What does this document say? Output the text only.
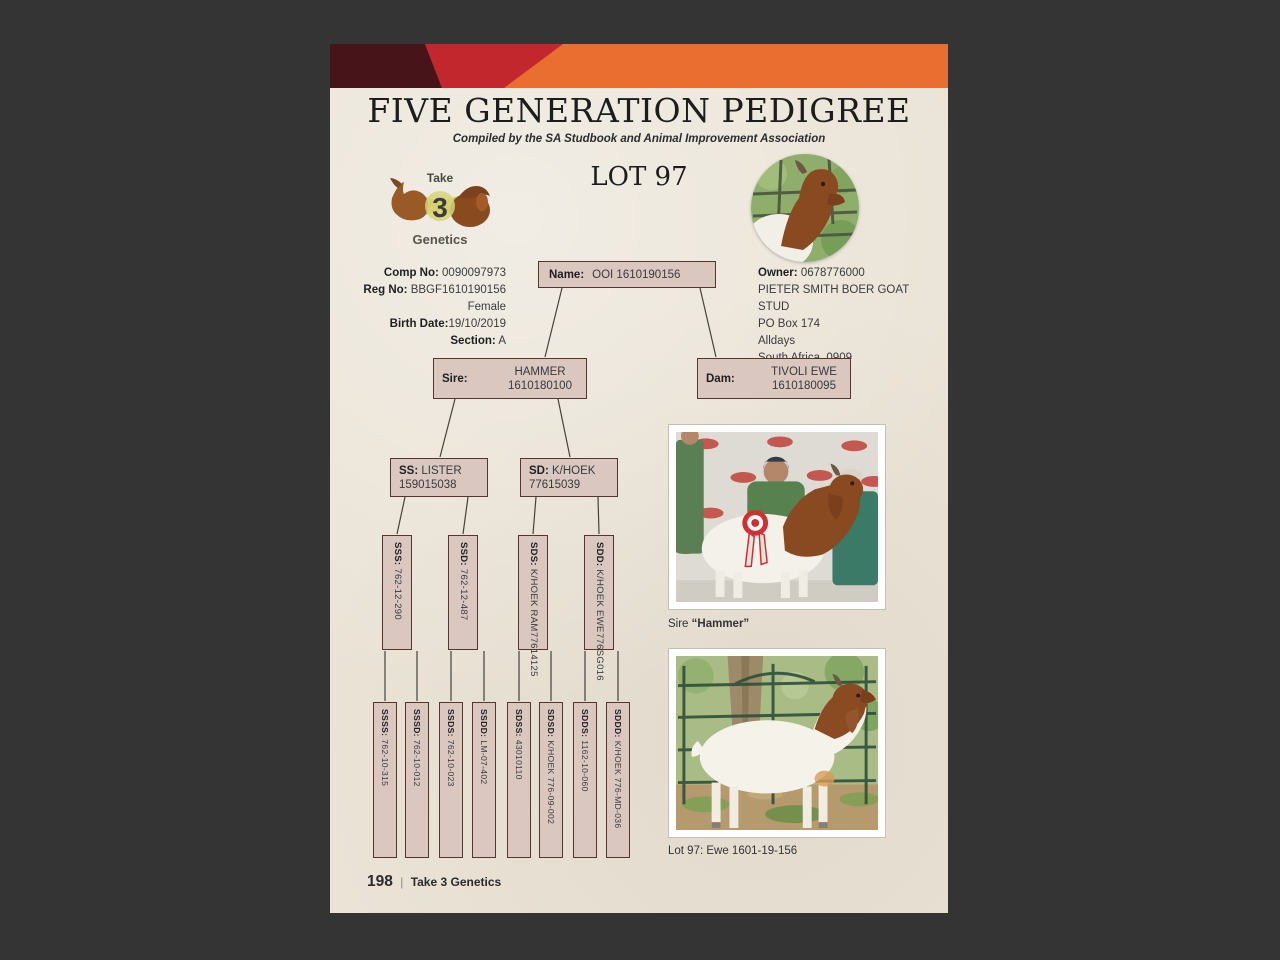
FIVE GENERATION PEDIGREE
Compiled by the SA Studbook and Animal Improvement Association
LOT 97
Take
3
Genetics
Comp No: 0090097973
Reg No: BBGF1610190156
Female
Birth Date:19/10/2019
Section: A
Name: OOI 1610190156	Owner: 0678776000
PIETER SMITH BOER GOAT
STUD
PO Box 174
Alldays
Sire:
HAMMER
1610180100
Dam:
TIVOLI EWE
1610180095
SS: LISTER
159015038
SD: K/HOEK
77615039
SSS:762-12-290
SSD:762-12-487
SDS:K/HOEK RAM
77614125
SDD:K/HOEK EWE
776SG016
SSSS:762-10-315
SSSD:762-10-012
SSDS:762-10-023
SSDD:LM-07-402
SDSS:43010110
SDSD:K/HOEK 776-09-002
SDDS:1162-10-060
SDDD:K/HOEK 776-MD-036
Sire “Hammer”
Lot 97: Ewe 1601-19-156
198 | Take 3 Genetics
